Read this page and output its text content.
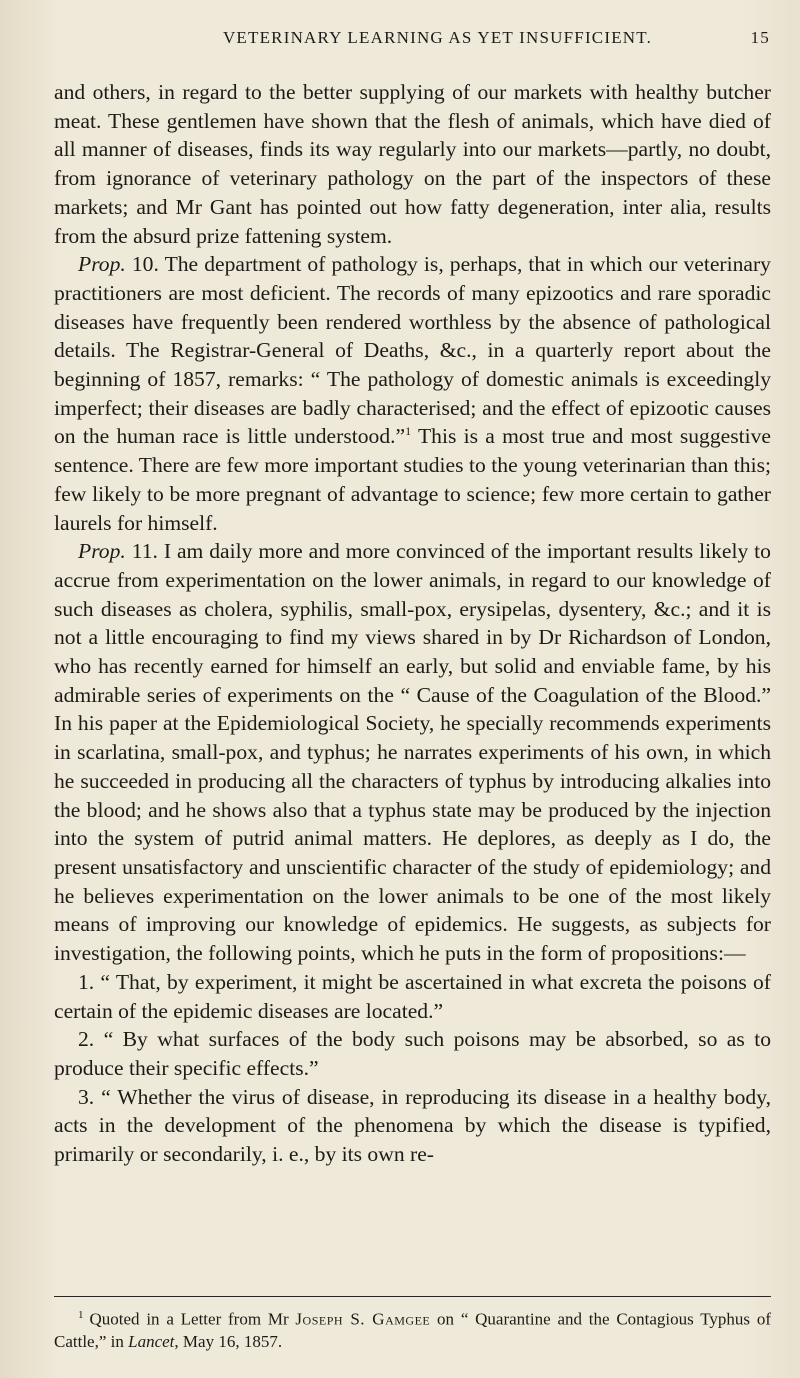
VETERINARY LEARNING AS YET INSUFFICIENT.	15

and others, in regard to the better supplying of our markets with healthy butcher meat. These gentlemen have shown that the flesh of animals, which have died of all manner of diseases, finds its way regularly into our markets—partly, no doubt, from ignorance of veterinary pathology on the part of the inspectors of these markets; and Mr Gant has pointed out how fatty degeneration, inter alia, results from the absurd prize fattening system.

Prop. 10. The department of pathology is, perhaps, that in which our veterinary practitioners are most deficient. The records of many epizootics and rare sporadic diseases have frequently been rendered worthless by the absence of pathological details. The Registrar-General of Deaths, &c., in a quarterly report about the beginning of 1857, remarks: “ The pathology of domestic animals is exceedingly imperfect; their diseases are badly characterised; and the effect of epizootic causes on the human race is little understood.”$^1$ This is a most true and most suggestive sentence. There are few more important studies to the young veterinarian than this; few likely to be more pregnant of advantage to science; few more certain to gather laurels for himself.

Prop. 11. I am daily more and more convinced of the important results likely to accrue from experimentation on the lower animals, in regard to our knowledge of such diseases as cholera, syphilis, small-pox, erysipelas, dysentery, &c.; and it is not a little encouraging to find my views shared in by Dr Richardson of London, who has recently earned for himself an early, but solid and enviable fame, by his admirable series of experiments on the “ Cause of the Coagulation of the Blood.” In his paper at the Epidemiological Society, he specially recommends experiments in scarlatina, small-pox, and typhus; he narrates experiments of his own, in which he succeeded in producing all the characters of typhus by introducing alkalies into the blood; and he shows also that a typhus state may be produced by the injection into the system of putrid animal matters. He deplores, as deeply as I do, the present unsatisfactory and unscientific character of the study of epidemiology; and he believes experimentation on the lower animals to be one of the most likely means of improving our knowledge of epidemics. He suggests, as subjects for investigation, the following points, which he puts in the form of propositions:—

1. “ That, by experiment, it might be ascertained in what excreta the poisons of certain of the epidemic diseases are located.”

2. “ By what surfaces of the body such poisons may be absorbed, so as to produce their specific effects.”

3. “ Whether the virus of disease, in reproducing its disease in a healthy body, acts in the development of the phenomena by which the disease is typified, primarily or secondarily, i. e., by its own re-

$^1$ Quoted in a Letter from Mr Joseph S. Gamgee on “ Quarantine and the Contagious Typhus of Cattle,” in Lancet, May 16, 1857.
